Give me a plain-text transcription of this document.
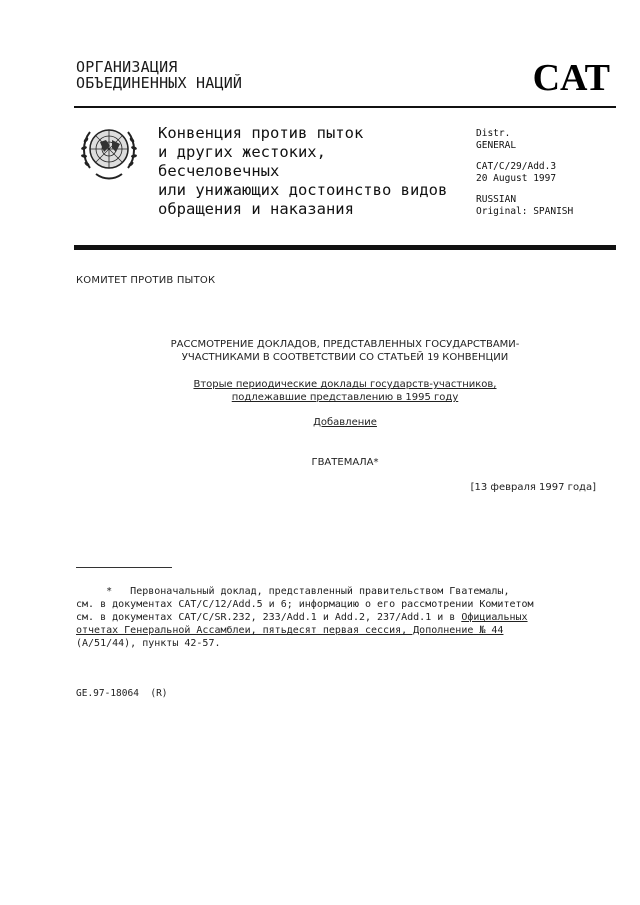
ОРГАНИЗАЦИЯ
ОБЪЕДИНЕННЫХ НАЦИЙ	CAT
Конвенция против пыток
и других жестоких,
бесчеловечных
или унижающих достоинство видов
обращения и наказания
Distr.
GENERAL
CAT/C/29/Add.3
20 August 1997
RUSSIAN
Original: SPANISH
КОМИТЕТ ПРОТИВ ПЫТОК
РАССМОТРЕНИЕ ДОКЛАДОВ, ПРЕДСТАВЛЕННЫХ ГОСУДАРСТВАМИ-
УЧАСТНИКАМИ В СООТВЕТСТВИИ СО СТАТЬЕЙ 19 КОНВЕНЦИИ
Вторые периодические доклады государств-участников,
подлежавшие представлению в 1995 году
Добавление
ГВАТЕМАЛА*
[13 февраля 1997 года]
*   Первоначальный доклад, представленный правительством Гватемалы,
см. в документах CAT/C/12/Add.5 и 6; информацию о его рассмотрении Комитетом
см. в документах CAT/C/SR.232, 233/Add.1 и Add.2, 237/Add.1 и в Официальных
отчетах Генеральной Ассамблеи, пятьдесят первая сессия, Дополнение № 44
(A/51/44), пункты 42-57.
GE.97-18064  (R)
